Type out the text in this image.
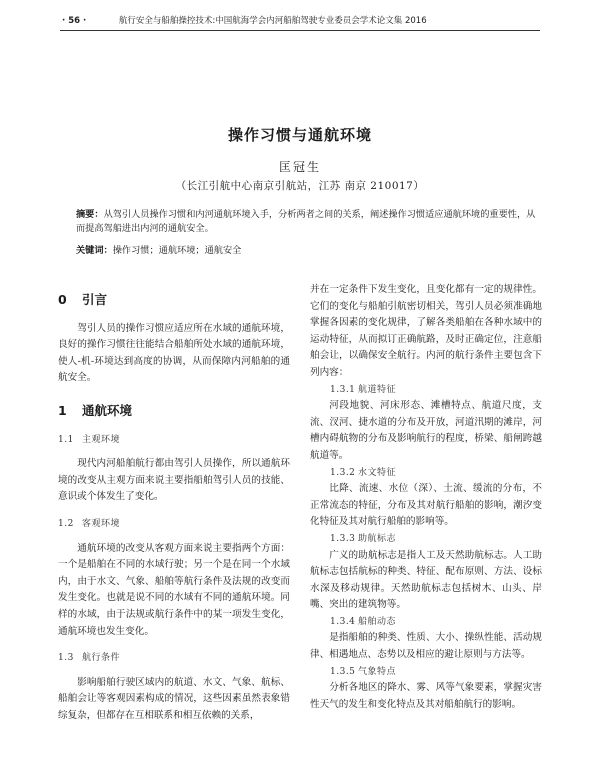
· 56 ·	航行安全与船舶操控技术:中国航海学会内河船舶驾驶专业委员会学术论文集 2016
操作习惯与通航环境
匡冠生
（长江引航中心南京引航站，江苏 南京 210017）
摘要：从驾引人员操作习惯和内河通航环境入手，分析两者之间的关系，阐述操作习惯适应通航环境的重要性，从而提高驾船进出内河的通航安全。
关键词：操作习惯；通航环境；通航安全
0 引言

驾引人员的操作习惯应适应所在水域的通航环境，良好的操作习惯往往能结合船舶所处水域的通航环境，使人-机-环境达到高度的协调，从而保障内河船舶的通航安全。

1 通航环境
1.1 主观环境

现代内河船舶航行都由驾引人员操作，所以通航环境的改变从主观方面来说主要指船舶驾引人员的技能、意识或个体发生了变化。

1.2 客观环境

通航环境的改变从客观方面来说主要指两个方面：一个是船舶在不同的水域行驶；另一个是在同一个水域内，由于水文、气象、船舶等航行条件及法规的改变而发生变化。也就是说不同的水域有不同的通航环境。同样的水域，由于法规或航行条件中的某一项发生变化，通航环境也发生变化。

1.3 航行条件

影响船舶行驶区域内的航道、水文、气象、航标、船舶会让等客观因素构成的情况，这些因素虽然表象错综复杂，但都存在互相联系和相互依赖的关系，

并在一定条件下发生变化，且变化都有一定的规律性。它们的变化与船舶引航密切相关，驾引人员必须准确地掌握各因素的变化规律，了解各类船舶在各种水域中的运动特征，从而拟订正确航路，及时正确定位，注意船舶会让，以确保安全航行。内河的航行条件主要包含下列内容：

1.3.1 航道特征

河段地貌、河床形态、滩槽特点、航道尺度，支流、汊河、捷水道的分布及开放，河道汛期的滩岸，河槽内碍航物的分布及影响航行的程度，桥梁、船闸跨越航道等。

1.3.2 水文特征

比降、流速、水位（深）、土流、缓流的分布，不正常流态的特征，分布及其对航行船舶的影响，潮汐变化特征及其对航行船舶的影响等。

1.3.3 助航标志

广义的助航标志是指人工及天然助航标志。人工助航标志包括航标的种类、特征、配布原则、方法、设标水深及移动规律。天然助航标志包括树木、山头、岸嘴、突出的建筑物等。

1.3.4 船舶动态

是指船舶的种类、性质、大小、操纵性能、活动规律、相遇地点、态势以及相应的避让原则与方法等。

1.3.5 气象特点

分析各地区的降水、雾、风等气象要素，掌握灾害性天气的发生和变化特点及其对船舶航行的影响。
